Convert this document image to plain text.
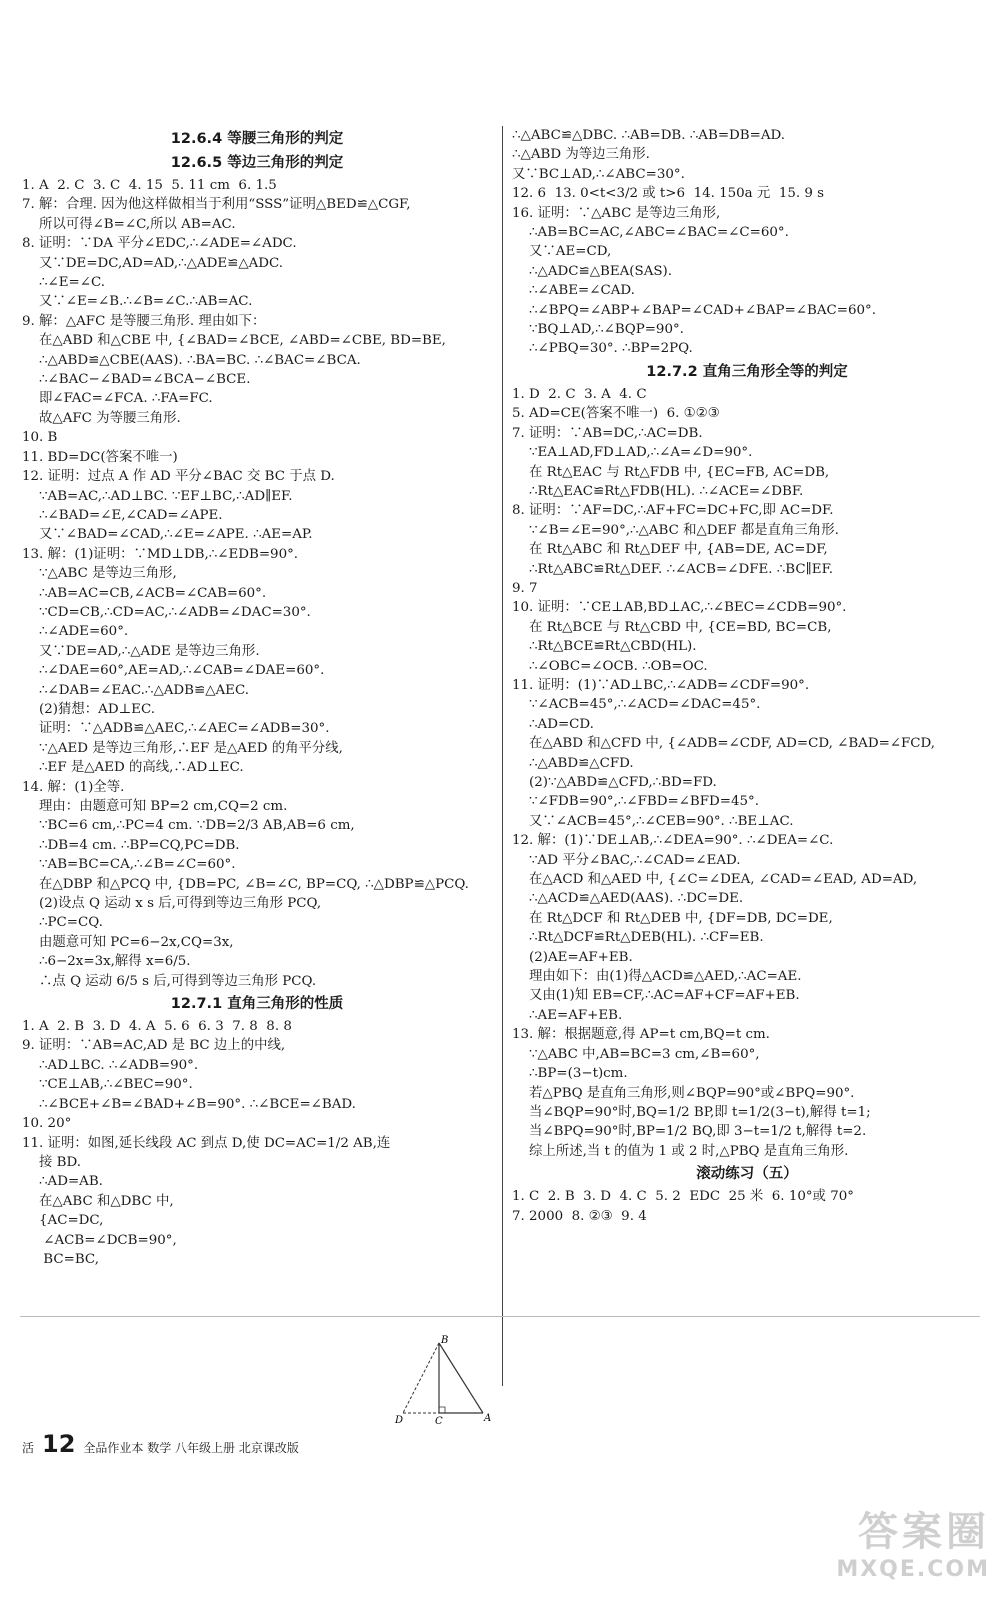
12.6.4 等腰三角形的判定
12.6.5 等边三角形的判定
1. A  2. C  3. C  4. 15  5. 11 cm  6. 1.5
7. 解：合理. 因为他这样做相当于利用“SSS”证明△BED≌△CGF,
所以可得∠B=∠C,所以 AB=AC.
8. 证明：∵DA 平分∠EDC,∴∠ADE=∠ADC.
又∵DE=DC,AD=AD,∴△ADE≌△ADC.
∴∠E=∠C.
又∵∠E=∠B.∴∠B=∠C.∴AB=AC.
9. 解：△AFC 是等腰三角形. 理由如下：
在△ABD 和△CBE 中, {∠BAD=∠BCE, ∠ABD=∠CBE, BD=BE,
∴△ABD≌△CBE(AAS). ∴BA=BC. ∴∠BAC=∠BCA.
∴∠BAC−∠BAD=∠BCA−∠BCE.
即∠FAC=∠FCA. ∴FA=FC.
故△AFC 为等腰三角形.
10. B
11. BD=DC(答案不唯一)
12. 证明：过点 A 作 AD 平分∠BAC 交 BC 于点 D.
∵AB=AC,∴AD⊥BC. ∵EF⊥BC,∴AD∥EF.
∴∠BAD=∠E,∠CAD=∠APE.
又∵∠BAD=∠CAD,∴∠E=∠APE. ∴AE=AP.
13. 解：(1)证明：∵MD⊥DB,∴∠EDB=90°.
∵△ABC 是等边三角形,
∴AB=AC=CB,∠ACB=∠CAB=60°.
∵CD=CB,∴CD=AC,∴∠ADB=∠DAC=30°.
∴∠ADE=60°.
又∵DE=AD,∴△ADE 是等边三角形.
∴∠DAE=60°,AE=AD,∴∠CAB=∠DAE=60°.
∴∠DAB=∠EAC.∴△ADB≌△AEC.
(2)猜想：AD⊥EC.
证明：∵△ADB≌△AEC,∴∠AEC=∠ADB=30°.
∵△AED 是等边三角形,∴EF 是△AED 的角平分线,
∴EF 是△AED 的高线,∴AD⊥EC.
14. 解：(1)全等.
理由：由题意可知 BP=2 cm,CQ=2 cm.
∵BC=6 cm,∴PC=4 cm. ∵DB=2/3 AB,AB=6 cm,
∴DB=4 cm. ∴BP=CQ,PC=DB.
∵AB=BC=CA,∴∠B=∠C=60°.
在△DBP 和△PCQ 中, {DB=PC, ∠B=∠C, BP=CQ, ∴△DBP≌△PCQ.
(2)设点 Q 运动 x s 后,可得到等边三角形 PCQ,
∴PC=CQ.
由题意可知 PC=6−2x,CQ=3x,
∴6−2x=3x,解得 x=6/5.
∴点 Q 运动 6/5 s 后,可得到等边三角形 PCQ.
12.7.1 直角三角形的性质
1. A  2. B  3. D  4. A  5. 6  6. 3  7. 8  8. 8
9. 证明：∵AB=AC,AD 是 BC 边上的中线,
∴AD⊥BC. ∴∠ADB=90°.
∵CE⊥AB,∴∠BEC=90°.
∴∠BCE+∠B=∠BAD+∠B=90°. ∴∠BCE=∠BAD.
10. 20°
11. 证明：如图,延长线段 AC 到点 D,使 DC=AC=1/2 AB,连
接 BD.
∴AD=AB.
在△ABC 和△DBC 中,
{AC=DC,
∠ACB=∠DCB=90°,
BC=BC,
∴△ABC≌△DBC. ∴AB=DB. ∴AB=DB=AD.
∴△ABD 为等边三角形.
又∵BC⊥AD,∴∠ABC=30°.
12. 6  13. 0<t<3/2 或 t>6  14. 150a 元  15. 9 s
16. 证明：∵△ABC 是等边三角形,
∴AB=BC=AC,∠ABC=∠BAC=∠C=60°.
又∵AE=CD,
∴△ADC≌△BEA(SAS).
∴∠ABE=∠CAD.
∴∠BPQ=∠ABP+∠BAP=∠CAD+∠BAP=∠BAC=60°.
∵BQ⊥AD,∴∠BQP=90°.
∴∠PBQ=30°. ∴BP=2PQ.
12.7.2 直角三角形全等的判定
1. D  2. C  3. A  4. C
5. AD=CE(答案不唯一)  6. ①②③
7. 证明：∵AB=DC,∴AC=DB.
∵EA⊥AD,FD⊥AD,∴∠A=∠D=90°.
在 Rt△EAC 与 Rt△FDB 中, {EC=FB, AC=DB,
∴Rt△EAC≌Rt△FDB(HL). ∴∠ACE=∠DBF.
8. 证明：∵AF=DC,∴AF+FC=DC+FC,即 AC=DF.
∵∠B=∠E=90°,∴△ABC 和△DEF 都是直角三角形.
在 Rt△ABC 和 Rt△DEF 中, {AB=DE, AC=DF,
∴Rt△ABC≌Rt△DEF. ∴∠ACB=∠DFE. ∴BC∥EF.
9. 7
10. 证明：∵CE⊥AB,BD⊥AC,∴∠BEC=∠CDB=90°.
在 Rt△BCE 与 Rt△CBD 中, {CE=BD, BC=CB,
∴Rt△BCE≌Rt△CBD(HL).
∴∠OBC=∠OCB. ∴OB=OC.
11. 证明：(1)∵AD⊥BC,∴∠ADB=∠CDF=90°.
∵∠ACB=45°,∴∠ACD=∠DAC=45°.
∴AD=CD.
在△ABD 和△CFD 中, {∠ADB=∠CDF, AD=CD, ∠BAD=∠FCD,
∴△ABD≌△CFD.
(2)∵△ABD≌△CFD,∴BD=FD.
∵∠FDB=90°,∴∠FBD=∠BFD=45°.
又∵∠ACB=45°,∴∠CEB=90°. ∴BE⊥AC.
12. 解：(1)∵DE⊥AB,∴∠DEA=90°. ∴∠DEA=∠C.
∵AD 平分∠BAC,∴∠CAD=∠EAD.
在△ACD 和△AED 中, {∠C=∠DEA, ∠CAD=∠EAD, AD=AD,
∴△ACD≌△AED(AAS). ∴DC=DE.
在 Rt△DCF 和 Rt△DEB 中, {DF=DB, DC=DE,
∴Rt△DCF≌Rt△DEB(HL). ∴CF=EB.
(2)AE=AF+EB.
理由如下：由(1)得△ACD≌△AED,∴AC=AE.
又由(1)知 EB=CF,∴AC=AF+CF=AF+EB.
∴AE=AF+EB.
13. 解：根据题意,得 AP=t cm,BQ=t cm.
∵△ABC 中,AB=BC=3 cm,∠B=60°,
∴BP=(3−t)cm.
若△PBQ 是直角三角形,则∠BQP=90°或∠BPQ=90°.
当∠BQP=90°时,BQ=1/2 BP,即 t=1/2(3−t),解得 t=1;
当∠BPQ=90°时,BP=1/2 BQ,即 3−t=1/2 t,解得 t=2.
综上所述,当 t 的值为 1 或 2 时,△PBQ 是直角三角形.
滚动练习（五）
1. C  2. B  3. D  4. C  5. 2  EDC  25 米  6. 10°或 70°
7. 2000  8. ②③  9. 4
B
D	C	A
活 12 全品作业本 数学 八年级上册 北京课改版
答案圈
MXQE.COM
